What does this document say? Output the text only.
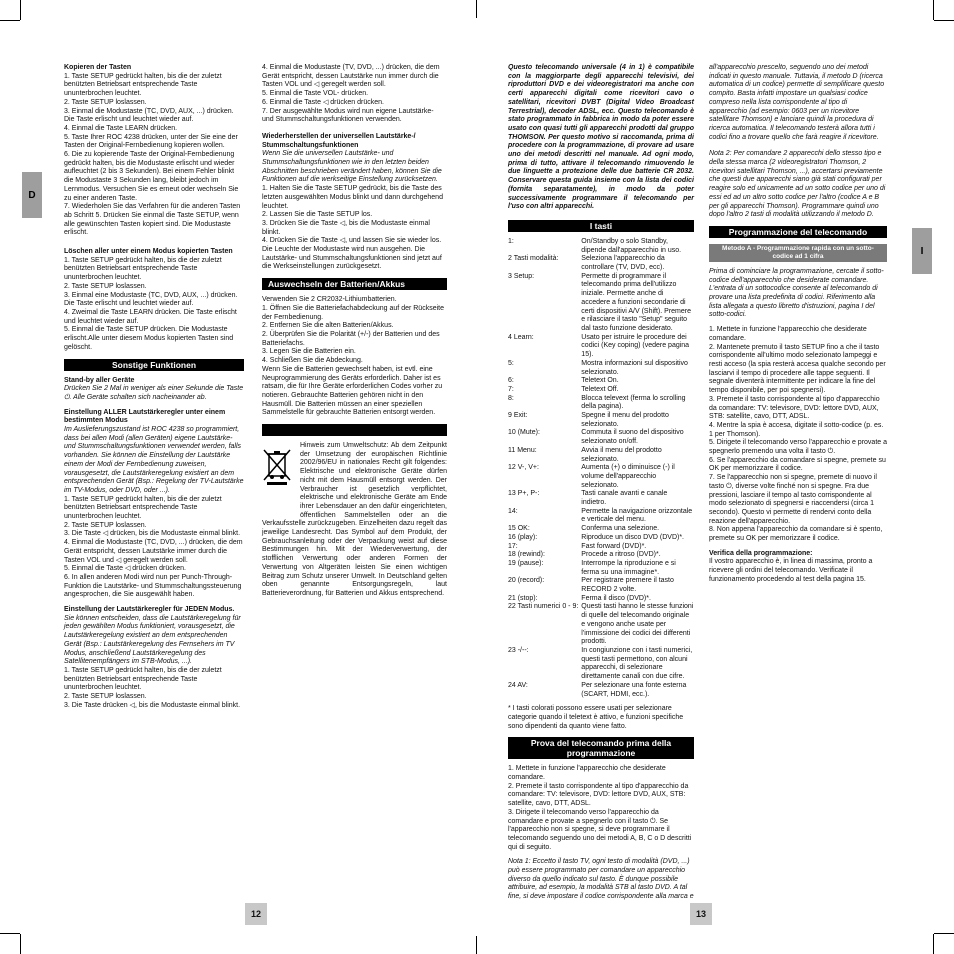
D
I
12	13

Kopieren der Tasten

1. Taste SETUP gedrückt halten, bis die der zuletzt benützten Betriebsart entsprechende Taste ununterbrochen leuchtet.

2. Taste SETUP loslassen.

3. Einmal die Modustaste (TC, DVD, AUX, ...) drücken. Die Taste erlischt und leuchtet wieder auf.

4. Einmal die Taste LEARN drücken.

5. Taste Ihrer ROC 4238 drücken, unter der Sie eine der Tasten der Original-Fernbedienung kopieren wollen.

6. Die zu kopierende Taste der Original-Fernbedienung gedrückt halten, bis die Modustaste erlischt und wieder aufleuchtet (2 bis 3 Sekunden). Bei einem Fehler blinkt die Modustaste 3 Sekunden lang, bleibt jedoch im Lernmodus. Versuchen Sie es erneut oder wechseln Sie zu einer anderen Taste.

7. Wiederholen Sie das Verfahren für die anderen Tasten ab Schritt 5. Drücken Sie einmal die Taste SETUP, wenn alle gewünschten Tasten kopiert sind. Die Modustaste erlischt.

Löschen aller unter einem Modus kopierten Tasten

1. Taste SETUP gedrückt halten, bis die der zuletzt benützten Betriebsart entsprechende Taste ununterbrochen leuchtet.

2. Taste SETUP loslassen.

3. Einmal eine Modustaste (TC, DVD, AUX, ...) drücken. Die Taste erlischt und leuchtet wieder auf.

4. Zweimal die Taste LEARN drücken. Die Taste erlischt und leuchtet wieder auf.

5. Einmal die Taste SETUP drücken. Die Modustaste erlischt.Alle unter diesem Modus kopierten Tasten sind gelöscht.

Sonstige Funktionen

Stand-by aller Geräte

Drücken Sie 2 Mal in weniger als einer Sekunde die Taste ⏻. Alle Geräte schalten sich nacheinander ab.

Einstellung ALLER Lautstärkeregler unter einem bestimmten Modus

Im Auslieferungszustand ist ROC 4238 so programmiert, dass bei allen Modi (allen Geräten) eigene Lautstärke- und Stummschaltungsfunktionen verwendet werden, falls vorhanden. Sie können die Einstellung der Lautstärke einem der Modi der Fernbedienung zuweisen, vorausgesetzt, die Lautstärkeregelung existiert an dem entsprechenden Gerät (Bsp.: Regelung der TV-Lautstärke im TV-Modus, oder DVD, oder ...).

1. Taste SETUP gedrückt halten, bis die der zuletzt benützten Betriebsart entsprechende Taste ununterbrochen leuchtet.

2. Taste SETUP loslassen.

3. Die Taste ◁ drücken, bis die Modustaste einmal blinkt.

4. Einmal die Modustaste (TC, DVD, ...) drücken, die dem Gerät entspricht, dessen Lautstärke immer durch die Tasten VOL und ◁ geregelt werden soll.

5. Einmal die Taste ◁ drücken drücken.

6. In allen anderen Modi wird nun per Punch-Through-Funktion die Lautstärke- und Stummschaltungssteuerung angesprochen, die Sie ausgewählt haben.

Einstellung der Lautstärkeregler für JEDEN Modus.

Sie können entscheiden, dass die Lautstärkeregelung für jeden gewählten Modus funktioniert, vorausgesetzt, die Lautstärkeregelung existiert an dem entsprechenden Gerät (Bsp.: Lautstärkeregelung des Fernsehers im TV Modus, anschließend Lautstärkeregelung des Satellitenempfängers im STB-Modus, ...).

1. Taste SETUP gedrückt halten, bis die der zuletzt benützten Betriebsart entsprechende Taste ununterbrochen leuchtet.

2. Taste SETUP loslassen.

3. Die Taste drücken ◁, bis die Modustaste einmal blinkt.

4. Einmal die Modustaste (TV, DVD, ...) drücken, die dem Gerät entspricht, dessen Lautstärke nun immer durch die Tasten VOL und ◁ geregelt werden soll.

5. Einmal die Taste VOL- drücken.

6. Einmal die Taste ◁ drücken drücken.

7. Der ausgewählte Modus wird nun eigene Lautstärke- und Stummschaltungsfunktionen verwenden.

Wiederherstellen der universellen Lautstärke-/ Stummschaltungsfunktionen

Wenn Sie die universellen Lautstärke- und Stummschaltungsfunktionen wie in den letzten beiden Abschnitten beschrieben verändert haben, können Sie die Funktionen auf die werkseitige Einstellung zurücksetzen.

1. Halten Sie die Taste SETUP gedrückt, bis die Taste des letzten ausgewählten Modus blinkt und dann durchgehend leuchtet.

2. Lassen Sie die Taste SETUP los.

3. Drücken Sie die Taste ◁, bis die Modustaste einmal blinkt.

4. Drücken Sie die Taste ◁, und lassen Sie sie wieder los. Die Leuchte der Modustaste wird nun ausgehen. Die Lautstärke- und Stummschaltungsfunktionen sind jetzt auf die Werkseinstellungen zurückgesetzt.

Auswechseln der Batterien/Akkus

Verwenden Sie 2 CR2032-Lithiumbatterien.

1. Öffnen Sie die Batteriefachabdeckung auf der Rückseite der Fernbedienung.

2. Entfernen Sie die alten Batterien/Akkus.

2. Überprüfen Sie die Polarität (+/-) der Batterien und des Batteriefachs.

3. Legen Sie die Batterien ein.

4. Schließen Sie die Abdeckung.

Wenn Sie die Batterien gewechselt haben, ist evtl. eine Neuprogrammierung des Geräts erforderlich. Daher ist es ratsam, die für Ihre Geräte erforderlichen Codes vorher zu notieren. Gebrauchte Batterien gehören nicht in den Hausmüll. Die Batterien müssen an einer speziellen Sammelstelle für gebrauchte Batterien entsorgt werden.

Hinweis zum Umweltschutz: Ab dem Zeitpunkt der Umsetzung der europäischen Richtlinie 2002/96/EU in nationales Recht gilt folgendes: Elektrische und elektronische Geräte dürfen nicht mit dem Hausmüll entsorgt werden. Der Verbraucher ist gesetzlich verpflichtet, elektrische und elektronische Geräte am Ende ihrer Lebensdauer an den dafür eingerichteten, öffentlichen Sammelstellen oder an die Verkaufsstelle zurückzugeben. Einzelheiten dazu regelt das jeweilige Landesrecht. Das Symbol auf dem Produkt, der Gebrauchsanleitung oder der Verpackung weist auf diese Bestimmungen hin. Mit der Wiederverwertung, der stofflichen Verwertung oder anderen Formen der Verwertung von Altgeräten leisten Sie einen wichtigen Beitrag zum Schutz unserer Umwelt. In Deutschland gelten oben genannte Entsorgungsregeln, laut Batterieverordnung, für Batterien und Akkus entsprechend.

Questo telecomando universale (4 in 1) è compatibile con la maggiorparte degli apparecchi televisivi, dei riproduttori DVD e dei videoregistratori ma anche con certi apparecchi digitali come ricevitori cavo o satellitari, ricevitori DVBT (Digital Video Broadcast Terrestrial), decoder ADSL, ecc. Questo telecomando è stato programmato in fabbrica in modo da poter essere usato con quasi tutti gli apparecchi prodotti dal gruppo THOMSON. Per questo motivo si raccomanda, prima di procedere con la programmazione, di provare ad usare uno dei metodi descritti nel manuale. Ad ogni modo, prima di tutto, attivare il telecomando rimuovendo le due linguette a protezione delle due batterie CR 2032. Conservare questa guida insieme con la lista dei codici (fornita separatamente), in modo da poter successivamente programmare il telecomando per l'uso con altri apparecchi.

I tasti
1:	On/Standby o solo Standby, dipende dall'apparecchio in uso.
2 Tasti modalità:	Seleziona l'apparecchio da controllare (TV, DVD, ecc).
3 Setup:	Permette di programmare il telecomando prima dell'utilizzo iniziale. Permette anche di accedere a funzioni secondarie di certi dispositivi A/V (Shift). Premere e rilasciare il tasto "Setup" seguito dal tasto funzione desiderato.
4 Learn:	Usato per istruire le procedure dei codici (Key coping) (vedere pagina 15).
5:	Mostra informazioni sul dispositivo selezionato.
6:	Teletext On.
7:	Teletext Off.
8:	Blocca televext (ferma lo scrolling della pagina).
9 Exit:	Spegne il menu del prodotto selezionato.
10 (Mute):	Commuta il suono del dispositivo selezionato on/off.
11 Menu:	Avvia il menu del prodotto selezionato.
12 V-, V+:	Aumenta (+) o diminuisce (-) il volume dell'apparecchio selezionato.
13 P+, P-:	Tasti canale avanti e canale indietro.
14:	Permette la navigazione orizzontale e verticale del menu.
15 OK:	Conferma una selezione.
16 (play):	Riproduce un disco DVD (DVD)*.
17:	Fast forward (DVD)*.
18 (rewind):	Procede a ritroso (DVD)*.
19 (pause):	Interrompe la riproduzione e si ferma su una immagine*.
20 (record):	Per registrare premere il tasto RECORD 2 volte.
21 (stop):	Ferma il disco (DVD)*.
22 Tasti numerici 0 - 9:	Questi tasti hanno le stesse funzioni di quelle del telecomando originale e vengono anche usate per l'immissione dei codici dei differenti prodotti.
23 -/--:	In congiunzione con i tasti numerici, questi tasti permettono, con alcuni apparecchi, di selezionare direttamente canali con due cifre.
24 AV:	Per selezionare una fonte esterna (SCART, HDMI, ecc.).

* I tasti colorati possono essere usati per selezionare categorie quando il teletext è attivo, e funzioni specifiche sono dipendenti da quanto viene fatto.

Prova del telecomando prima della programmazione

1. Mettete in funzione l'apparecchio che desiderate comandare.

2. Premete il tasto corrispondente al tipo d'apparecchio da comandare: TV: televisore, DVD: lettore DVD, AUX, STB: satellite, cavo, DTT, ADSL.

3. Dirigete il telecomando verso l'apparecchio da comandare e provate a spegnerlo con il tasto ⏻. Se l'apparecchio non si spegne, si deve programmare il telecomando seguendo uno dei metodi A, B, C o D descritti qui di seguito.

Nota 1: Eccetto il tasto TV, ogni testo di modalità (DVD, ...) può essere programmato per comandare un apparecchio diverso da quello indicato sul tasto. È dunque possibile attribuire, ad esempio, la modalità STB al tasto DVD. A tal fine, si deve impostare il codice corrispondente alla marca e

all'apparecchio prescelto, seguendo uno dei metodi indicati in questo manuale. Tuttavia, il metodo D (ricerca automatica di un codice) permette di semplificare questo compito. Basta infatti impostare un qualsiasi codice compreso nella lista corrispondente al tipo di apparecchio (ad esempio: 0603 per un ricevitore satellitare Thomson) e lanciare quindi la procedura di ricerca automatica. Il telecomando testerà allora tutti i codici fino a trovare quello che farà reagire il ricevitore.

Nota 2: Per comandare 2 apparecchi dello stesso tipo e della stessa marca (2 videoregistratori Thomson, 2 ricevitori satellitari Thomson, ...), accertarsi previamente che questi due apparecchi siano già stati configurati per reagire solo ed unicamente ad un sotto codice per uno di essi ed ad un altro sotto codice per l'altro (codice A e B per gli apparecchi Thomson). Programmare quindi uno dopo l'altro 2 tasti di modalità utilizzando il metodo D.

Programmazione del telecomando
Metodo A - Programmazione rapida con un sotto-codice ad 1 cifra

Prima di cominciare la programmazione, cercate il sotto-codice dell'apparecchio che desiderate comandare. L'entrata di un sottocodice consente al telecomando di provare una lista predefinita di codici. Riferimento alla lista allegata a questo libretto d'istruzioni, pagina I del sotto-codici.

1. Mettete in funzione l'apparecchio che desiderate comandare.

2. Mantenete premuto il tasto SETUP fino a che il tasto corrispondente all'ultimo modo selezionato lampeggi e resti acceso (la spia resterà accesa qualche secondo per lasciarvi il tempo di procedere alle tappe seguenti. Il segnale diventerà intermittente per indicare la fine del tempo disponibile, per poi spegnersi).

3. Premete il tasto corrispondente al tipo d'apparecchio da comandare: TV: televisore, DVD: lettore DVD, AUX, STB: satellite, cavo, DTT, ADSL.

4. Mentre la spia è accesa, digitate il sotto-codice (p. es. 1 per Thomson).

5. Dirigete il telecomando verso l'apparecchio e provate a spegnerlo premendo una volta il tasto ⏻.

6. Se l'apparecchio da comandare si spegne, premete su OK per memorizzare il codice.

7. Se l'apparecchio non si spegne, premete di nuovo il tasto ⏻, diverse volte finché non si spegne. Fra due pressioni, lasciare il tempo al tasto corrispondente al modo selezionato di spegnersi e riaccendersi (circa 1 secondo). Questo vi permette di rendervi conto della reazione dell'apparecchio.

8. Non appena l'apparecchio da comandare si è spento, premete su OK per memorizzare il codice.

Verifica della programmazione:

Il vostro apparecchio è, in linea di massima, pronto a ricevere gli ordini del telecomando. Verificate il funzionamento procedendo al test della pagina 15.
